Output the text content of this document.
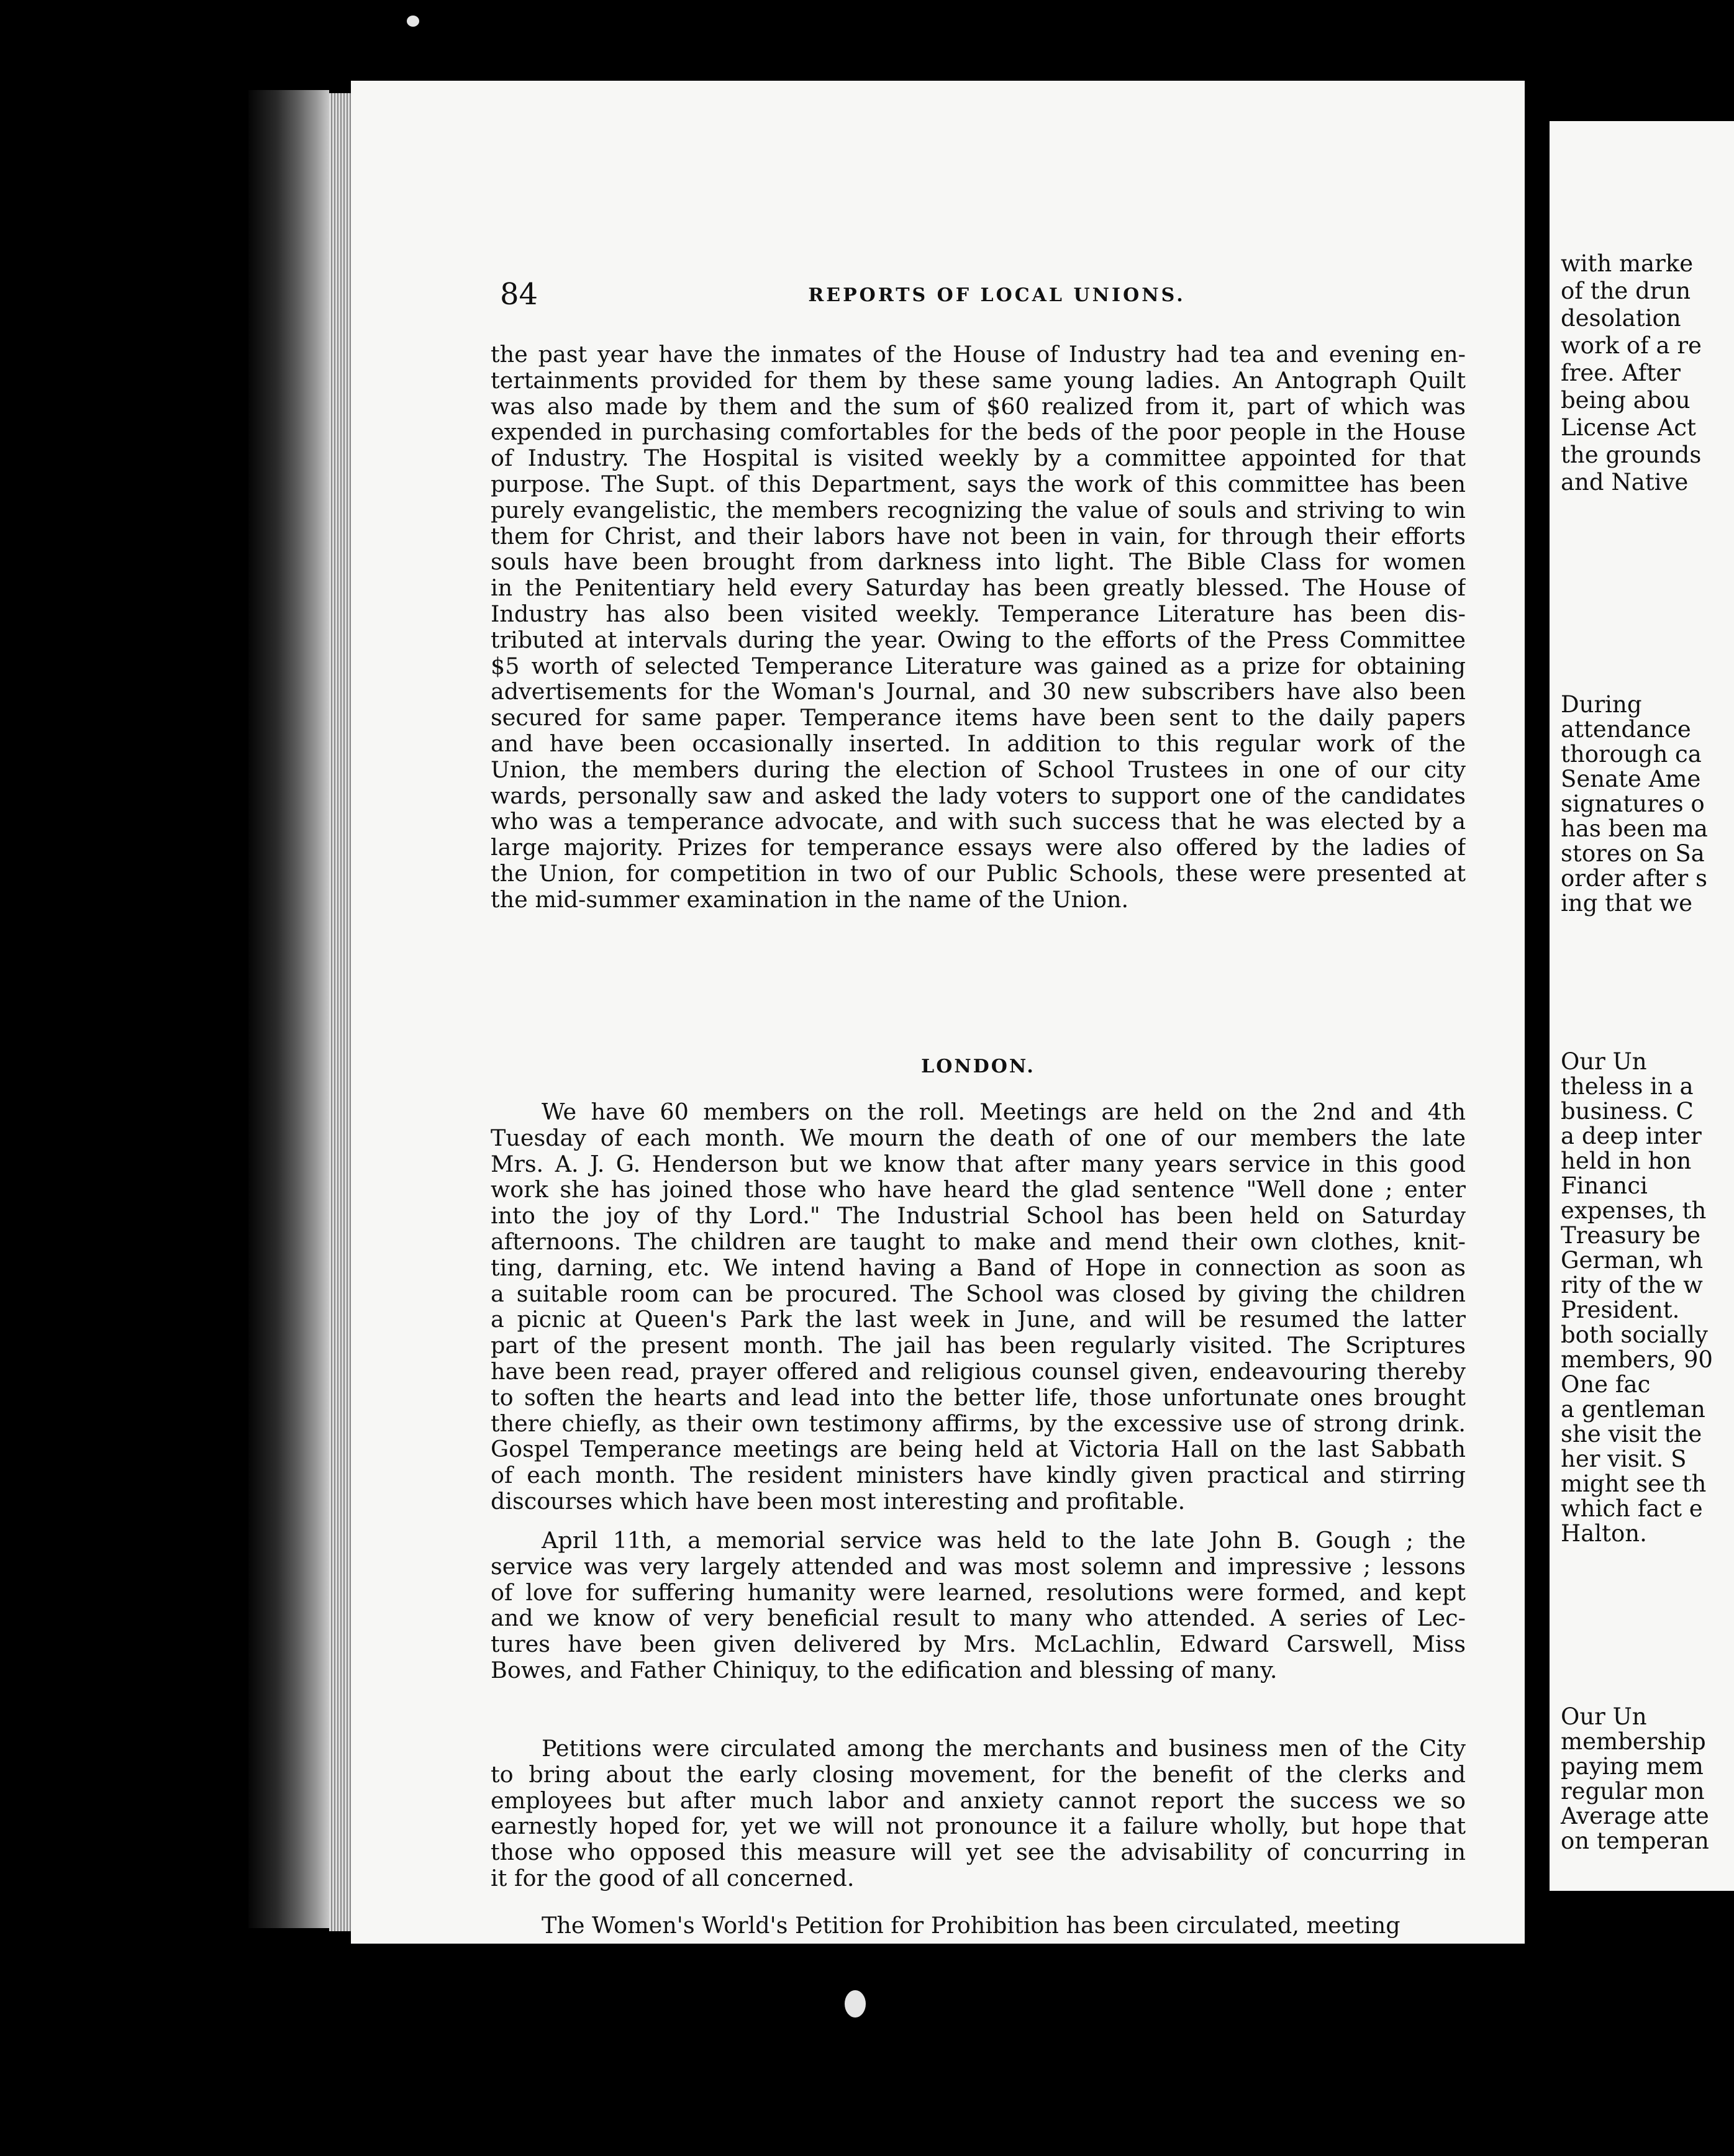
84	REPORTS OF LOCAL UNIONS.
the past year have the inmates of the House of Industry had tea and evening en-
tertainments provided for them by these same young ladies. An Antograph Quilt
was also made by them and the sum of $60 realized from it, part of which was
expended in purchasing comfortables for the beds of the poor people in the House
of Industry. The Hospital is visited weekly by a committee appointed for that
purpose. The Supt. of this Department, says the work of this committee has been
purely evangelistic, the members recognizing the value of souls and striving to win
them for Christ, and their labors have not been in vain, for through their efforts
souls have been brought from darkness into light. The Bible Class for women
in the Penitentiary held every Saturday has been greatly blessed. The House of
Industry has also been visited weekly. Temperance Literature has been dis-
tributed at intervals during the year. Owing to the efforts of the Press Committee
$5 worth of selected Temperance Literature was gained as a prize for obtaining
advertisements for the Woman's Journal, and 30 new subscribers have also been
secured for same paper. Temperance items have been sent to the daily papers
and have been occasionally inserted. In addition to this regular work of the
Union, the members during the election of School Trustees in one of our city
wards, personally saw and asked the lady voters to support one of the candidates
who was a temperance advocate, and with such success that he was elected by a
large majority. Prizes for temperance essays were also offered by the ladies of
the Union, for competition in two of our Public Schools, these were presented at
the mid-summer examination in the name of the Union.
LONDON.
We have 60 members on the roll. Meetings are held on the 2nd and 4th
Tuesday of each month. We mourn the death of one of our members the late
Mrs. A. J. G. Henderson but we know that after many years service in this good
work she has joined those who have heard the glad sentence "Well done ; enter
into the joy of thy Lord." The Industrial School has been held on Saturday
afternoons. The children are taught to make and mend their own clothes, knit-
ting, darning, etc. We intend having a Band of Hope in connection as soon as
a suitable room can be procured. The School was closed by giving the children
a picnic at Queen's Park the last week in June, and will be resumed the latter
part of the present month. The jail has been regularly visited. The Scriptures
have been read, prayer offered and religious counsel given, endeavouring thereby
to soften the hearts and lead into the better life, those unfortunate ones brought
there chiefly, as their own testimony affirms, by the excessive use of strong drink.
Gospel Temperance meetings are being held at Victoria Hall on the last Sabbath
of each month. The resident ministers have kindly given practical and stirring
discourses which have been most interesting and profitable.
April 11th, a memorial service was held to the late John B. Gough ; the
service was very largely attended and was most solemn and impressive ; lessons
of love for suffering humanity were learned, resolutions were formed, and kept
and we know of very beneficial result to many who attended. A series of Lec-
tures have been given delivered by Mrs. McLachlin, Edward Carswell, Miss
Bowes, and Father Chiniquy, to the edification and blessing of many.
Petitions were circulated among the merchants and business men of the City
to bring about the early closing movement, for the benefit of the clerks and
employees but after much labor and anxiety cannot report the success we so
earnestly hoped for, yet we will not pronounce it a failure wholly, but hope that
those who opposed this measure will yet see the advisability of concurring in
it for the good of all concerned.
The Women's World's Petition for Prohibition has been circulated, meeting
with marke
of the drun
desolation
work of a re
free. After
being abou
License Act
the grounds
and Native
During
attendance
thorough ca
Senate Ame
signatures o
has been ma
stores on Sa
order after s
ing that we
Our Un
theless in a
business. C
a deep inter
held in hon
Financi
expenses, th
Treasury be
German, wh
rity of the w
President.
both socially
members, 90
One fac
a gentleman
she visit the
her visit. S
might see th
which fact e
Halton.
Our Un
membership
paying mem
regular mon
Average atte
on temperan
